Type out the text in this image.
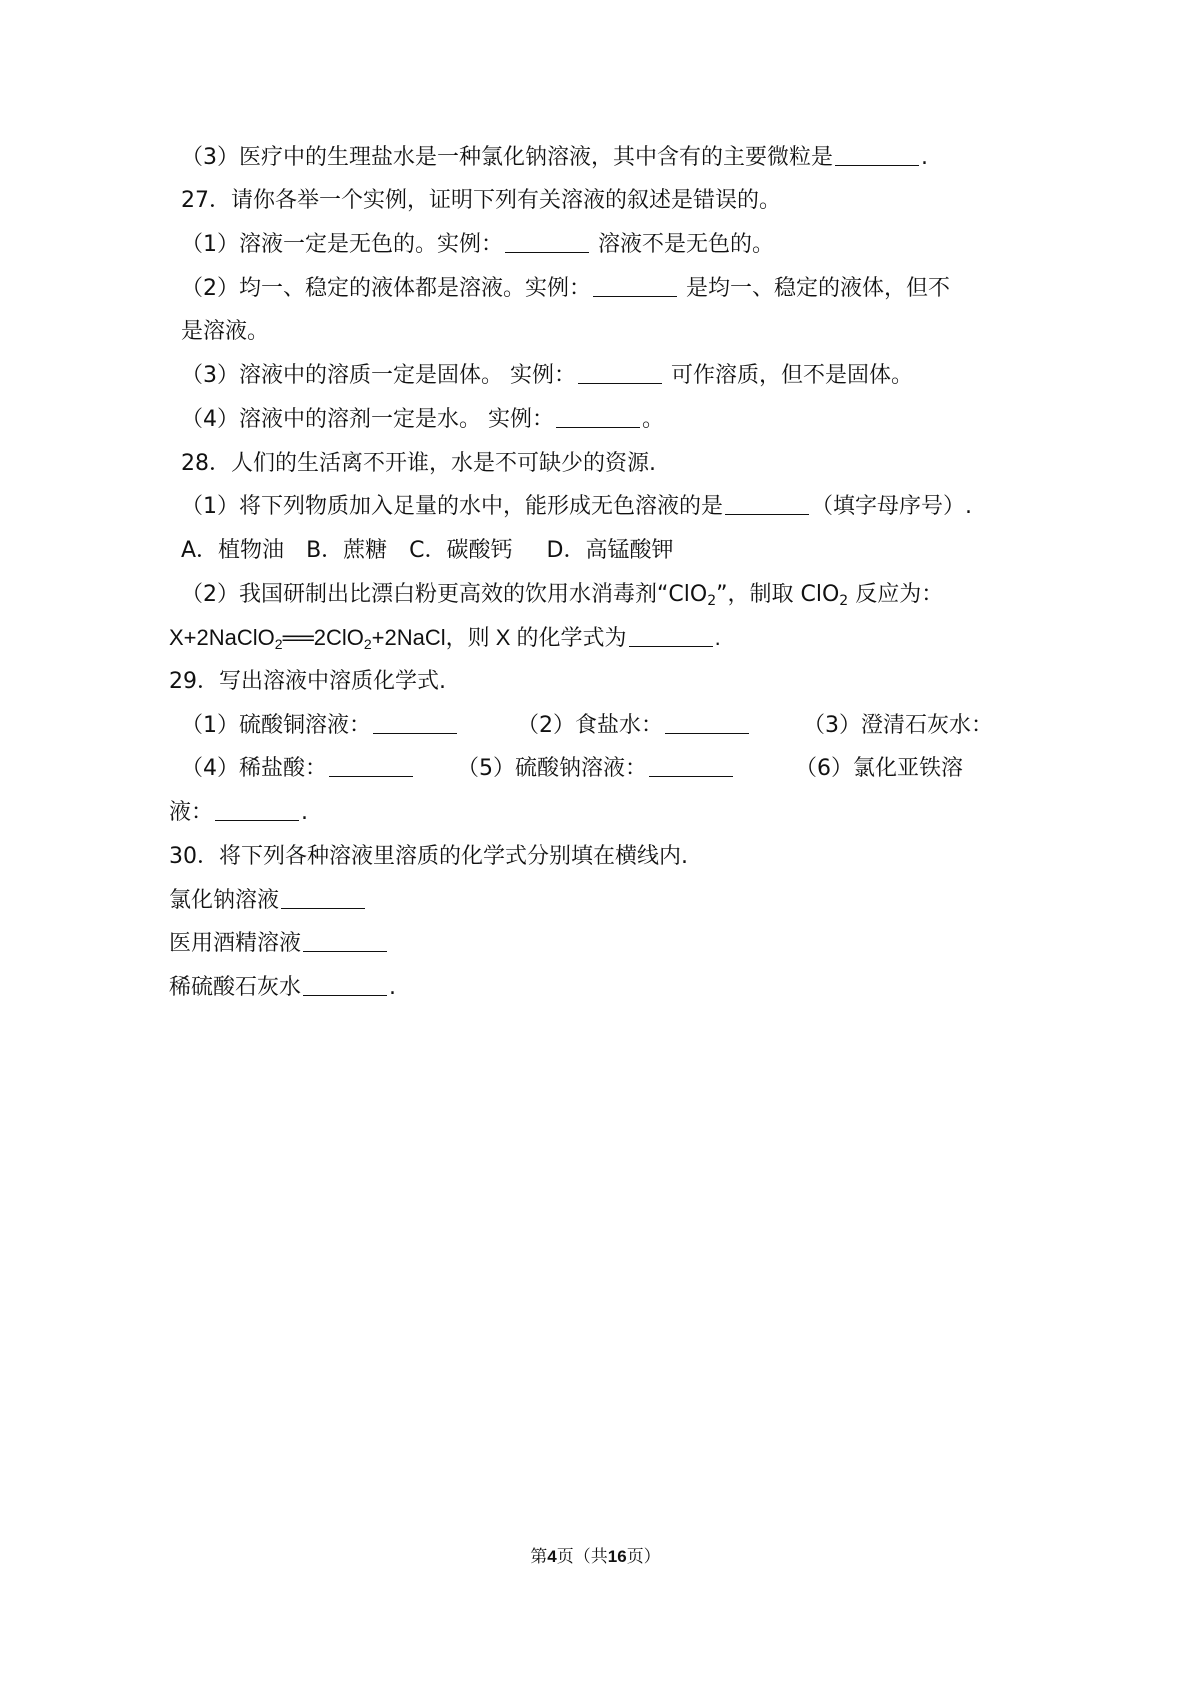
（3）医疗中的生理盐水是一种氯化钠溶液，其中含有的主要微粒是	.
27．请你各举一个实例，证明下列有关溶液的叙述是错误的。
（1）溶液一定是无色的。实例：	溶液不是无色的。
（2）均一、稳定的液体都是溶液。实例：	是均一、稳定的液体，但不
是溶液。
（3）溶液中的溶质一定是固体。 实例：	可作溶质，但不是固体。
（4）溶液中的溶剂一定是水。 实例：	。
28．人们的生活离不开谁，水是不可缺少的资源.
（1）将下列物质加入足量的水中，能形成无色溶液的是	（填字母序号）.
A．植物油 B．蔗糖 C．碳酸钙 D．高锰酸钾
（2）我国研制出比漂白粉更高效的饮用水消毒剂“ClO$_2$”，制取 ClO$_2$ 反应为：
X+2NaClO$_2$══2ClO$_2$+2NaCl，则 X 的化学式为	.
29．写出溶液中溶质化学式.
（1）硫酸铜溶液：	（2）食盐水：	（3）澄清石灰水：
（4）稀盐酸：	（5）硫酸钠溶液：	（6）氯化亚铁溶
液：	.
30．将下列各种溶液里溶质的化学式分别填在横线内.
氯化钠溶液
医用酒精溶液
稀硫酸石灰水	.
第4页（共16页）
